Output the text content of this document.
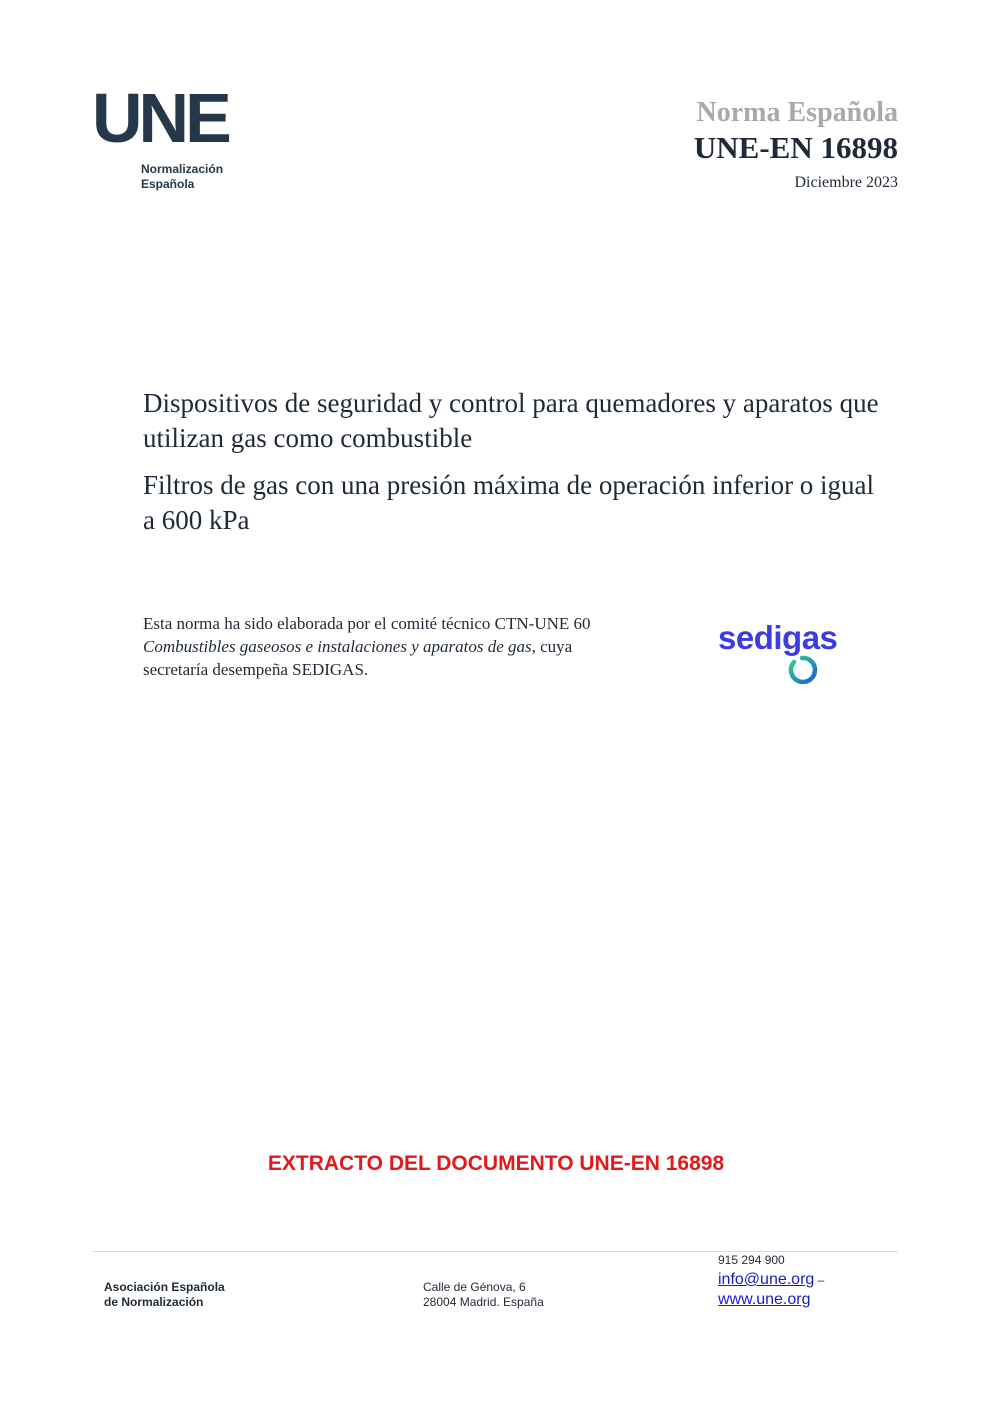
UNE
Normalización
Española
Norma Española
UNE-EN 16898
Diciembre 2023

Dispositivos de seguridad y control para quemadores y aparatos que utilizan gas como combustible

Filtros de gas con una presión máxima de operación inferior o igual a 600 kPa

Esta norma ha sido elaborada por el comité técnico CTN-UNE 60 Combustibles gaseosos e instalaciones y aparatos de gas, cuya secretaría desempeña SEDIGAS.
sedigas
EXTRACTO DEL DOCUMENTO UNE-EN 16898
Asociación Española
de Normalización
Calle de Génova, 6
28004 Madrid. España
915 294 900
info@une.org –
www.une.org
